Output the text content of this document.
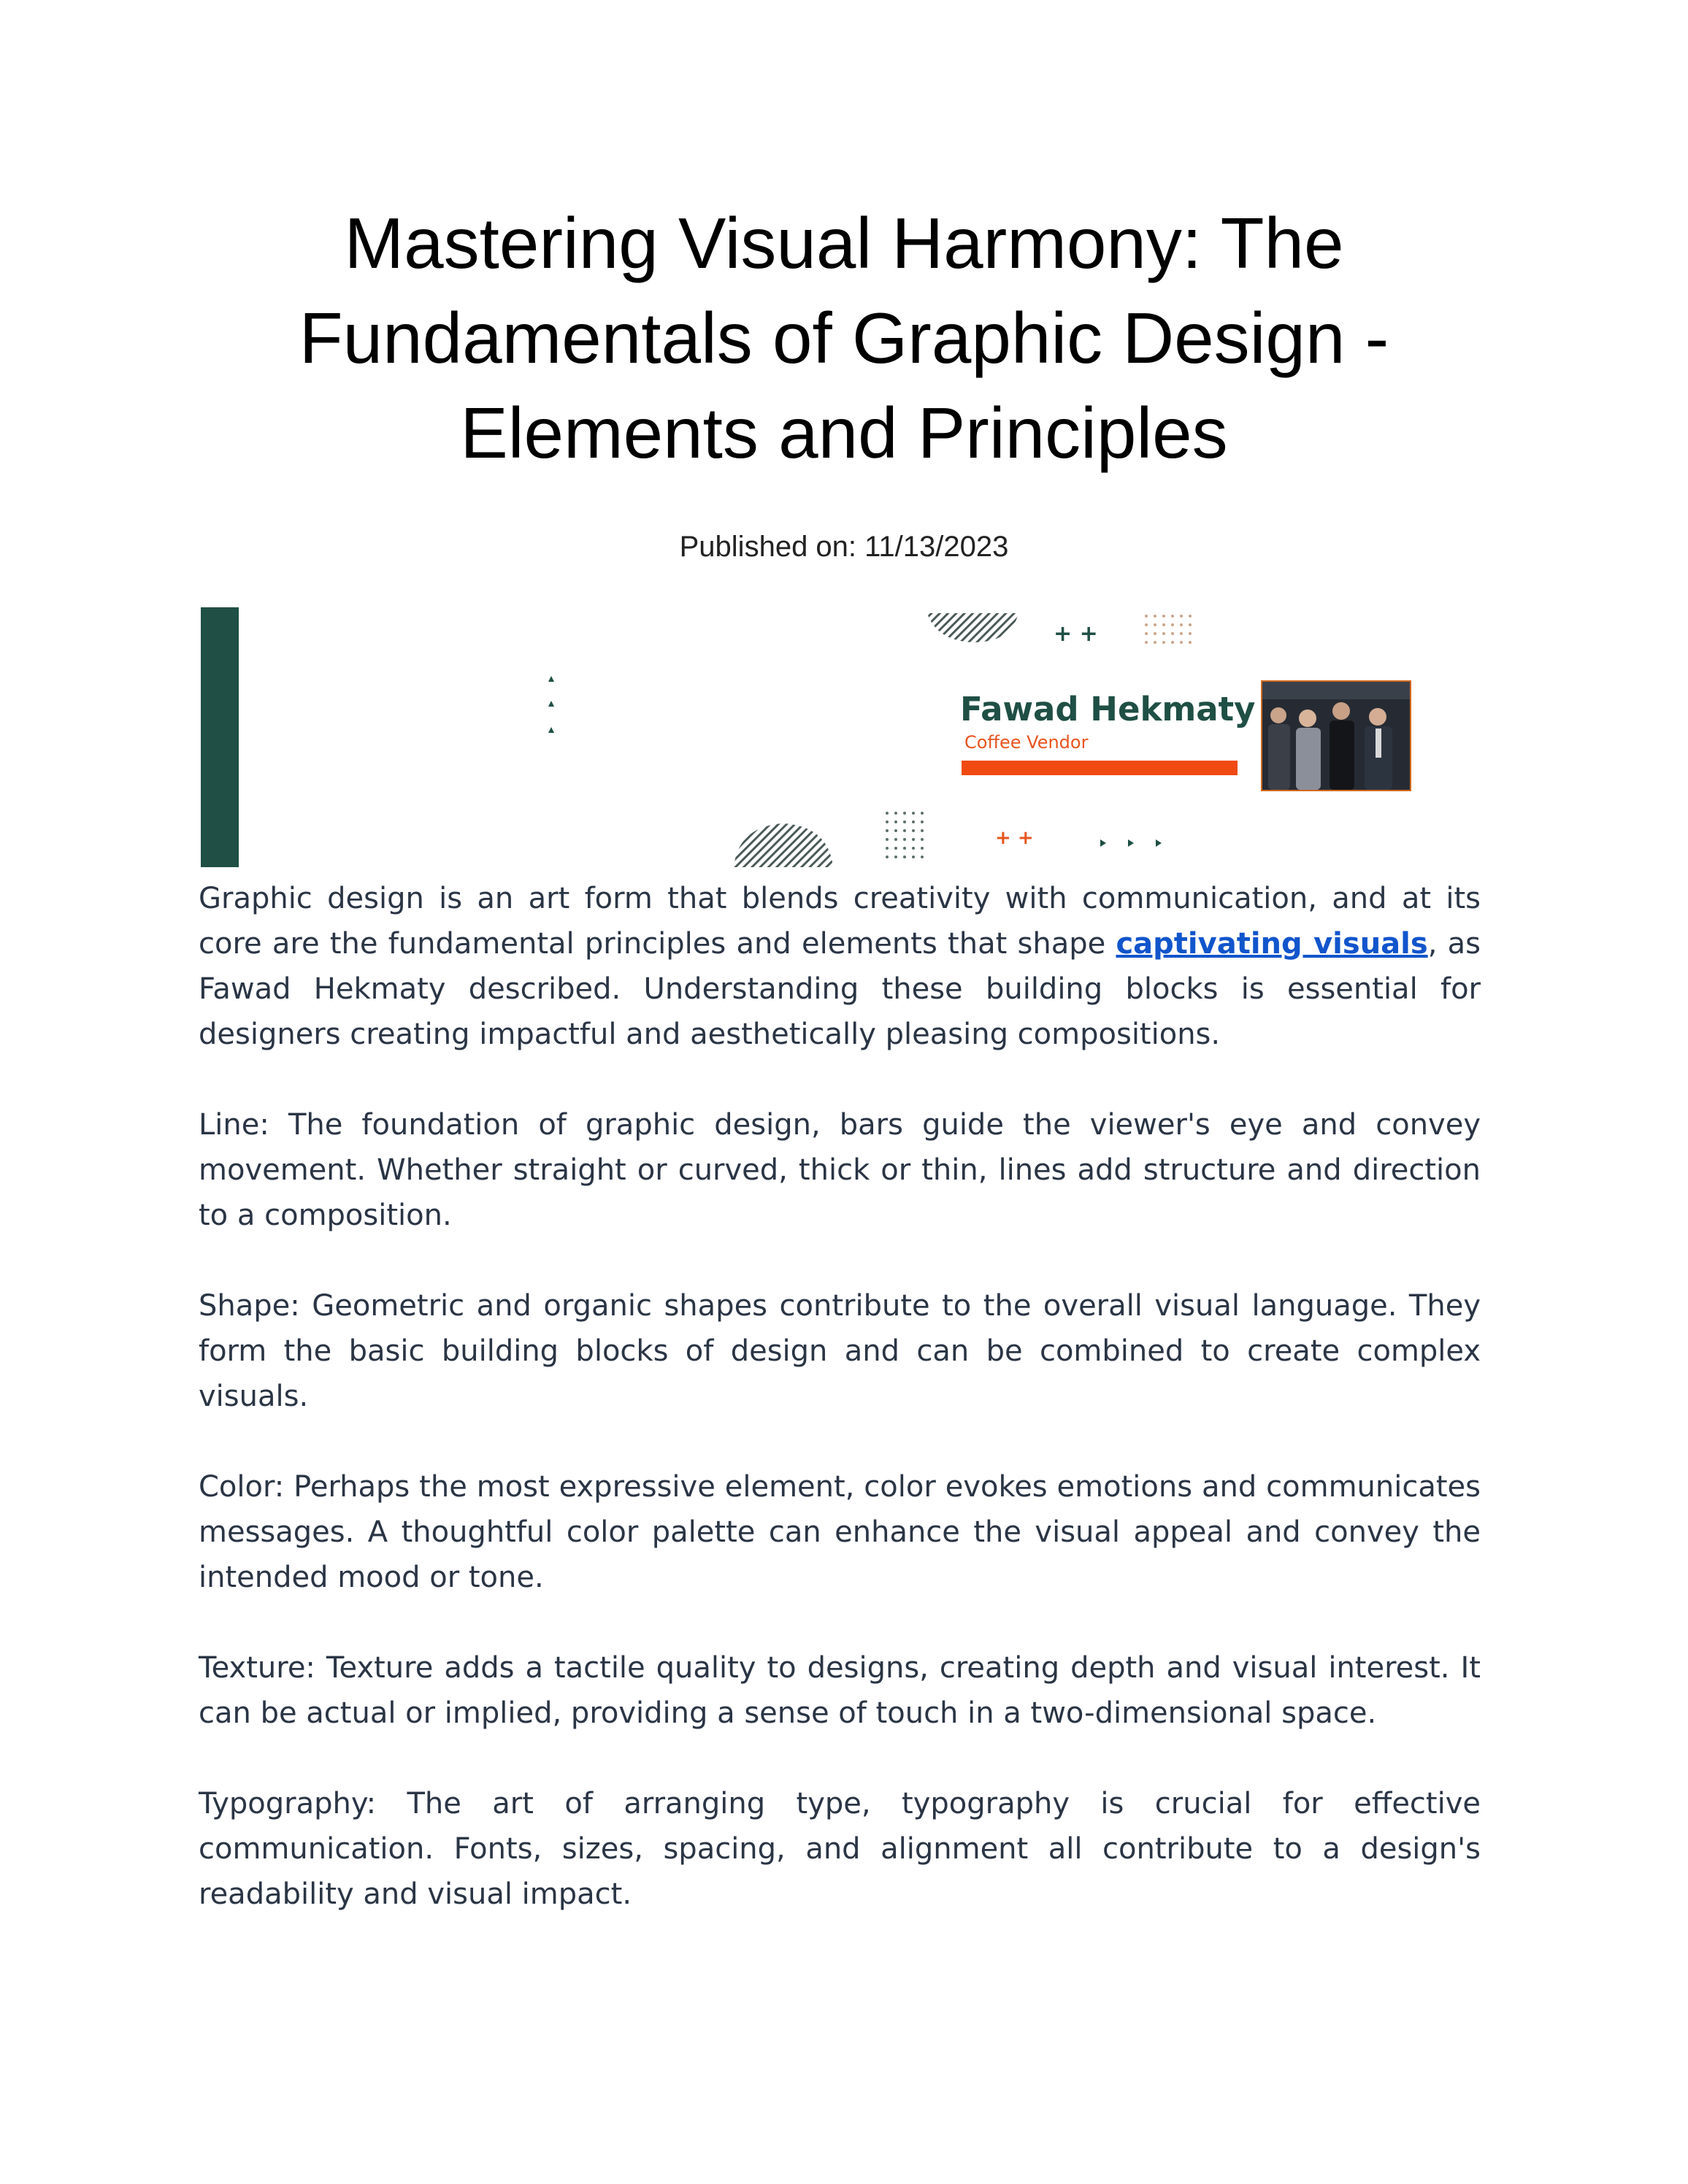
Mastering Visual Harmony: The Fundamentals of Graphic Design - Elements and Principles
Published on: 11/13/2023
+ +
+ +
Fawad Hekmaty
Coffee Vendor

Graphic design is an art form that blends creativity with communication, and at its core are the fundamental principles and elements that shape captivating visuals, as Fawad Hekmaty described. Understanding these building blocks is essential for designers creating impactful and aesthetically pleasing compositions.

Line: The foundation of graphic design, bars guide the viewer's eye and convey movement. Whether straight or curved, thick or thin, lines add structure and direction to a composition.

Shape: Geometric and organic shapes contribute to the overall visual language. They form the basic building blocks of design and can be combined to create complex visuals.

Color: Perhaps the most expressive element, color evokes emotions and communicates messages. A thoughtful color palette can enhance the visual appeal and convey the intended mood or tone.

Texture: Texture adds a tactile quality to designs, creating depth and visual interest. It can be actual or implied, providing a sense of touch in a two-dimensional space.

Typography: The art of arranging type, typography is crucial for effective communication. Fonts, sizes, spacing, and alignment all contribute to a design's readability and visual impact.
